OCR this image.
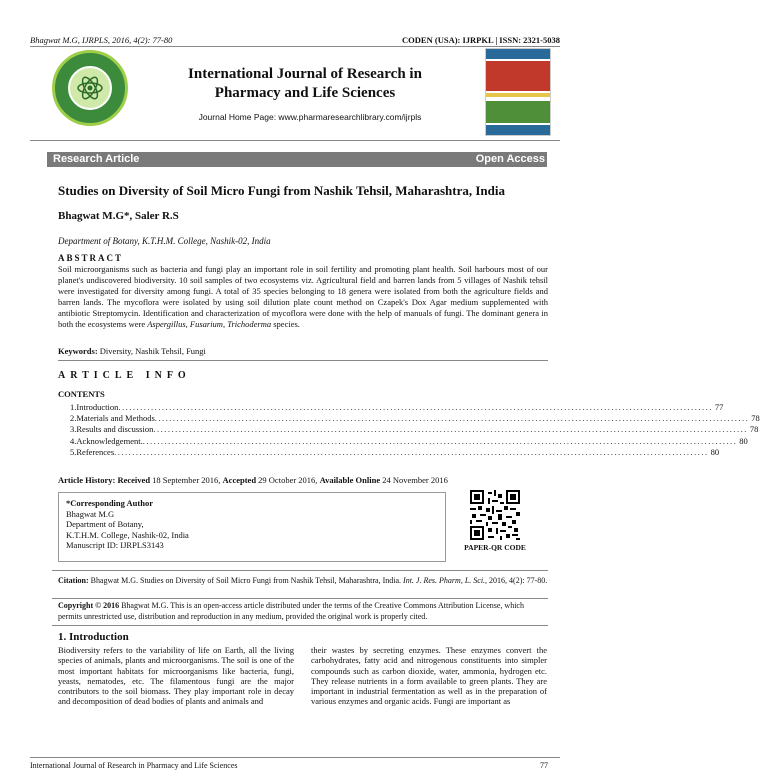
Bhagwat M.G, IJRPLS, 2016, 4(2): 77-80	CODEN (USA): IJRPKL | ISSN: 2321-5038
International Journal of Research in
Pharmacy and Life Sciences
Journal Home Page: www.pharmaresearchlibrary.com/ijrpls
Research Article	Open Access
Studies on Diversity of Soil Micro Fungi from Nashik Tehsil, Maharashtra, India
Bhagwat M.G*, Saler R.S
Department of Botany, K.T.H.M. College, Nashik-02, India
ABSTRACT
Soil microorganisms such as bacteria and fungi play an important role in soil fertility and promoting plant health. Soil harbours most of our planet's undiscovered biodiversity. 10 soil samples of two ecosystems viz. Agricultural field and barren lands from 5 villages of Nashik tehsil were investigated for diversity among fungi. A total of 35 species belonging to 18 genera were isolated from both the agriculture fields and barren lands. The mycoflora were isolated by using soil dilution plate count method on Czapek's Dox Agar medium supplemented with antibiotic Streptomycin. Identification and characterization of mycoflora were done with the help of manuals of fungi. The dominant genera in both the ecosystems were Aspergillus, Fusarium, Trichoderma species.
Keywords: Diversity, Nashik Tehsil, Fungi
ARTICLE INFO
CONTENTS
1. Introduction .................................................................................................................................................................... 77
2. Materials and Methods .................................................................................................................................................................... 78
3. Results and discussion .................................................................................................................................................................... 78
4. Acknowledgement. .................................................................................................................................................................... 80
5. References .................................................................................................................................................................... 80
Article History: Received 18 September 2016, Accepted 29 October 2016, Available Online 24 November 2016
*Corresponding Author
Bhagwat M.G
Department of Botany,
K.T.H.M. College, Nashik-02, India
Manuscript ID: IJRPLS3143	PAPER-QR CODE
Citation: Bhagwat M.G. Studies on Diversity of Soil Micro Fungi from Nashik Tehsil, Maharashtra, India. Int. J. Res. Pharm, L. Sci., 2016, 4(2): 77-80.
Copyright © 2016 Bhagwat M.G. This is an open-access article distributed under the terms of the Creative Commons Attribution License, which permits unrestricted use, distribution and reproduction in any medium, provided the original work is properly cited.
1. Introduction
Biodiversity refers to the variability of life on Earth, all the living species of animals, plants and microorganisms. The soil is one of the most important habitats for microorganisms like bacteria, fungi, yeasts, nematodes, etc. The filamentous fungi are the major contributors to the soil biomass. They play important role in decay and decomposition of dead bodies of plants and animals and
their wastes by secreting enzymes. These enzymes convert the carbohydrates, fatty acid and nitrogenous constituents into simpler compounds such as carbon dioxide, water, ammonia, hydrogen etc. They release nutrients in a form available to green plants. They are important in industrial fermentation as well as in the preparation of various enzymes and organic acids. Fungi are important as
International Journal of Research in Pharmacy and Life Sciences	77
